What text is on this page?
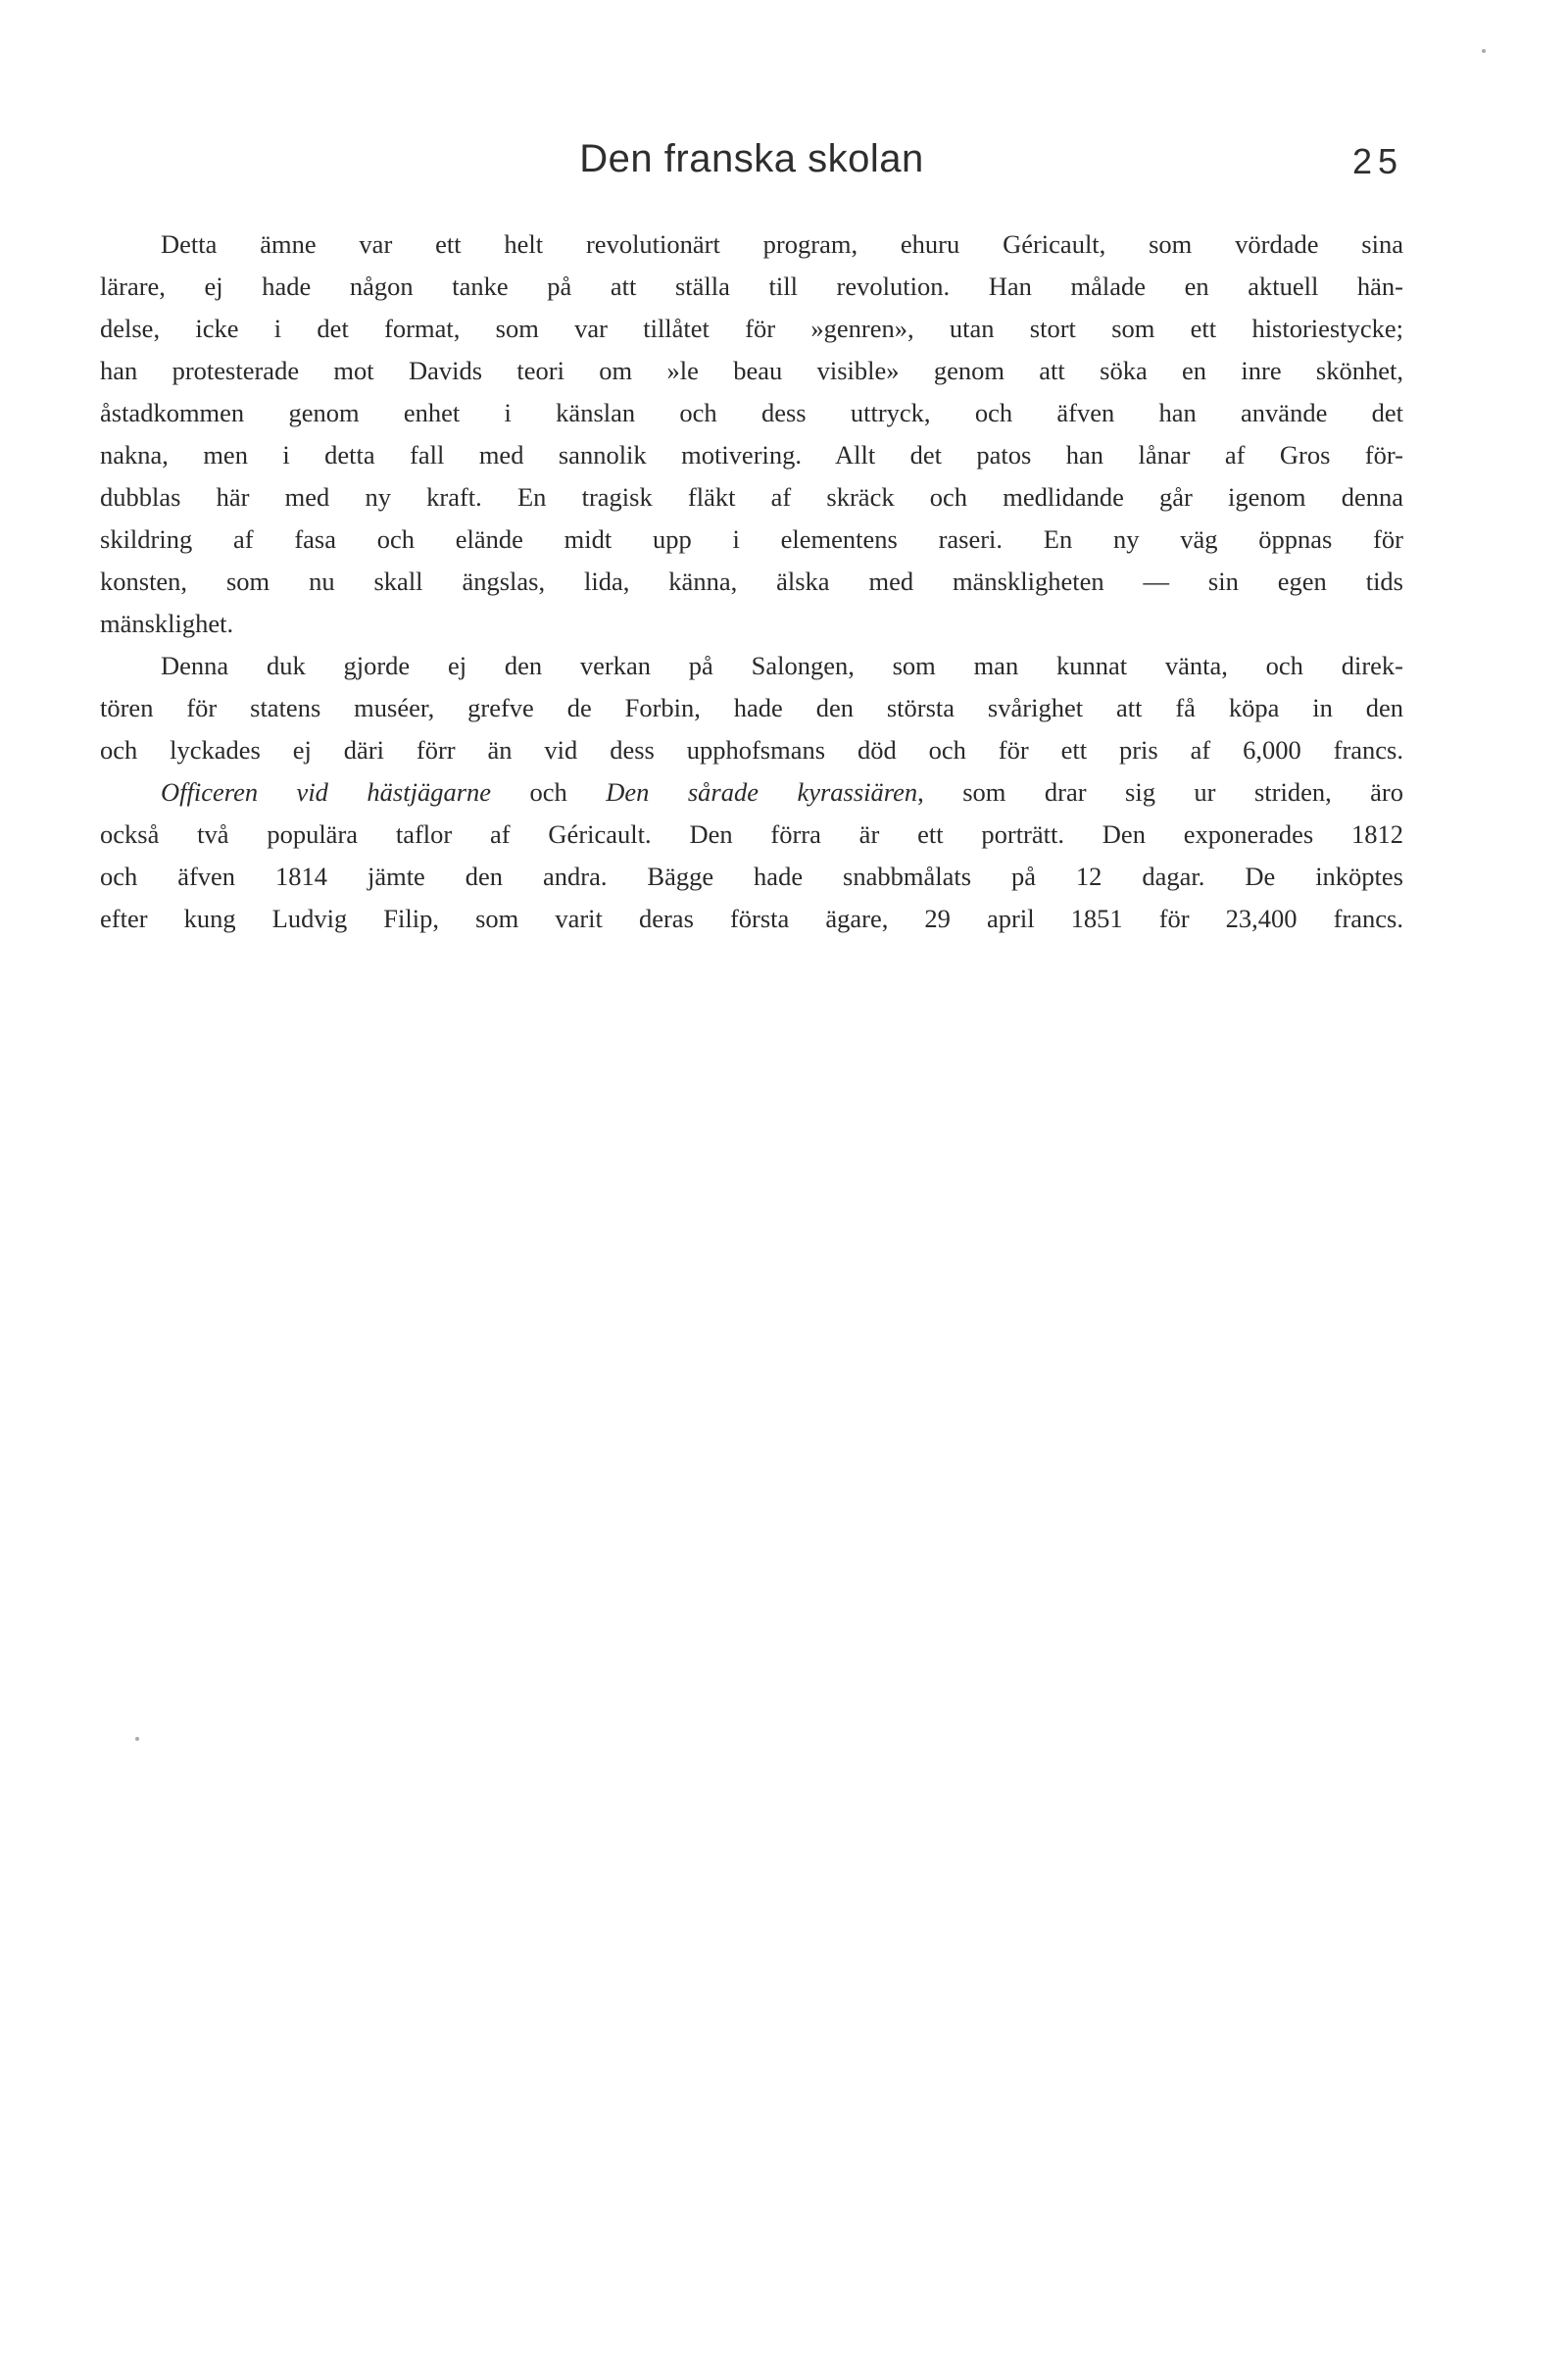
Den franska skolan	25
Detta ämne var ett helt revolutionärt program, ehuru Géricault, som vördade sina
lärare, ej hade någon tanke på att ställa till revolution. Han målade en aktuell hän-
delse, icke i det format, som var tillåtet för »genren», utan stort som ett historiestycke;
han protesterade mot Davids teori om »le beau visible» genom att söka en inre skönhet,
åstadkommen genom enhet i känslan och dess uttryck, och äfven han använde det
nakna, men i detta fall med sannolik motivering. Allt det patos han lånar af Gros för-
dubblas här med ny kraft. En tragisk fläkt af skräck och medlidande går igenom denna
skildring af fasa och elände midt upp i elementens raseri. En ny väg öppnas för
konsten, som nu skall ängslas, lida, känna, älska med mänskligheten — sin egen tids
mänsklighet.
Denna duk gjorde ej den verkan på Salongen, som man kunnat vänta, och direk-
tören för statens muséer, grefve de Forbin, hade den största svårighet att få köpa in den
och lyckades ej däri förr än vid dess upphofsmans död och för ett pris af 6,000 francs.
Officeren vid hästjägarne och Den sårade kyrassiären, som drar sig ur striden, äro
också två populära taflor af Géricault. Den förra är ett porträtt. Den exponerades 1812
och äfven 1814 jämte den andra. Bägge hade snabbmålats på 12 dagar. De inköptes
efter kung Ludvig Filip, som varit deras första ägare, 29 april 1851 för 23,400 francs.
